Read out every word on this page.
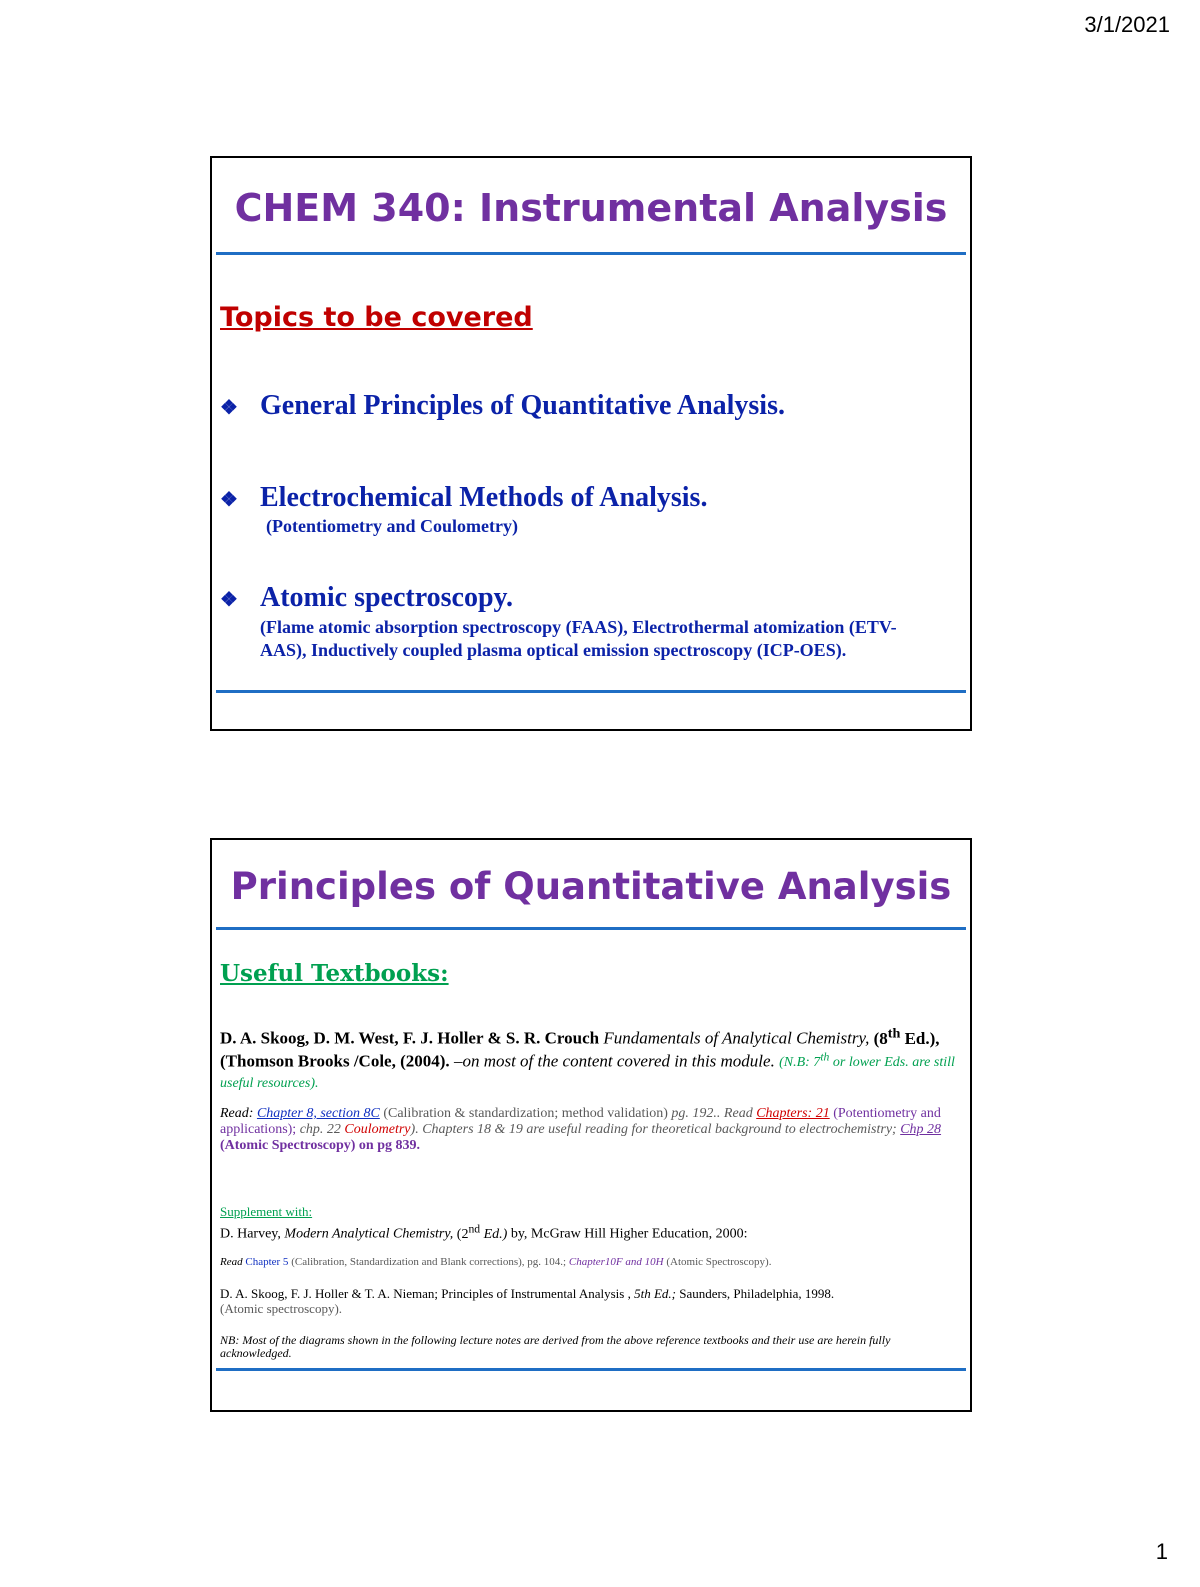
3/1/2021
CHEM 340: Instrumental Analysis
Topics to be covered
❖ General Principles of Quantitative Analysis.
❖ Electrochemical Methods of Analysis.
(Potentiometry and Coulometry)
❖ Atomic spectroscopy.
(Flame atomic absorption spectroscopy (FAAS), Electrothermal atomization (ETV-AAS), Inductively coupled plasma optical emission spectroscopy (ICP-OES).
Principles of Quantitative Analysis
Useful Textbooks:
D. A. Skoog, D. M. West, F. J. Holler & S. R. Crouch Fundamentals of Analytical Chemistry, (8th Ed.), (Thomson Brooks /Cole, (2004). –on most of the content covered in this module. (N.B: 7th or lower Eds. are still useful resources).
Read: Chapter 8, section 8C (Calibration & standardization; method validation) pg. 192.. Read Chapters: 21 (Potentiometry and applications); chp. 22 Coulometry). Chapters 18 & 19 are useful reading for theoretical background to electrochemistry; Chp 28 (Atomic Spectroscopy) on pg 839.
Supplement with:
D. Harvey, Modern Analytical Chemistry, (2nd Ed.) by, McGraw Hill Higher Education, 2000:
Read Chapter 5 (Calibration, Standardization and Blank corrections), pg. 104.; Chapter10F and 10H (Atomic Spectroscopy).
D. A. Skoog, F. J. Holler & T. A. Nieman; Principles of Instrumental Analysis , 5th Ed.; Saunders, Philadelphia, 1998.
(Atomic spectroscopy).
NB: Most of the diagrams shown in the following lecture notes are derived from the above reference textbooks and their use are herein fully acknowledged.
1
